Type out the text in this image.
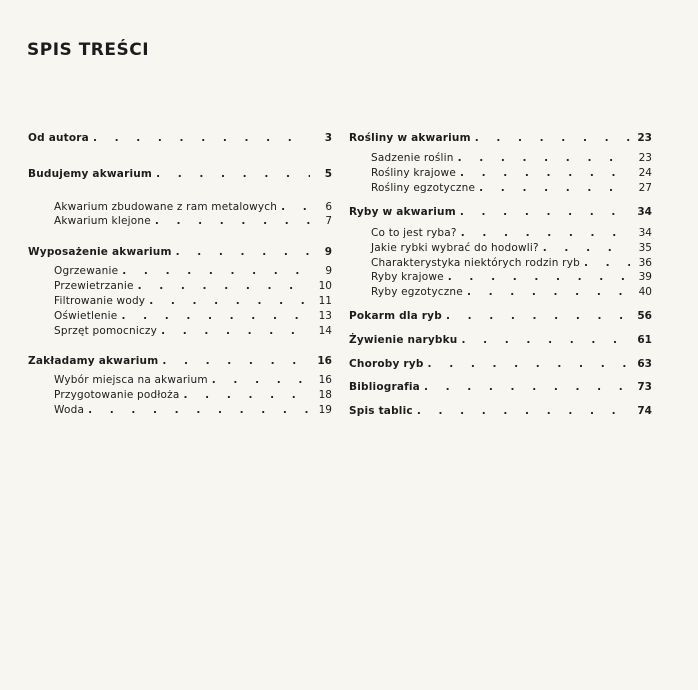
SPIS TREŚCI
Od autora . . .	3
Budujemy akwarium . . .	5
Akwarium zbudowane z ram metalowych . . .	6
Akwarium klejone . . .	7
Wyposażenie akwarium . . .	9
Ogrzewanie . . .	9
Przewietrzanie . . .	10
Filtrowanie wody . . .	11
Oświetlenie . . .	13
Sprzęt pomocniczy . . .	14
Zakładamy akwarium . . .	16
Wybór miejsca na akwarium . . .	16
Przygotowanie podłoża . . .	18
Woda . . .	19
Rośliny w akwarium . . .	23
Sadzenie roślin . . .	23
Rośliny krajowe . . .	24
Rośliny egzotyczne . . .	27
Ryby w akwarium . . .	34
Co to jest ryba? . . .	34
Jakie rybki wybrać do hodowli? . . .	35
Charakterystyka niektórych rodzin ryb . . .	36
Ryby krajowe . . .	39
Ryby egzotyczne . . .	40
Pokarm dla ryb . . .	56
Żywienie narybku . . .	61
Choroby ryb . . .	63
Bibliografia . . .	73
Spis tablic . . .	74
